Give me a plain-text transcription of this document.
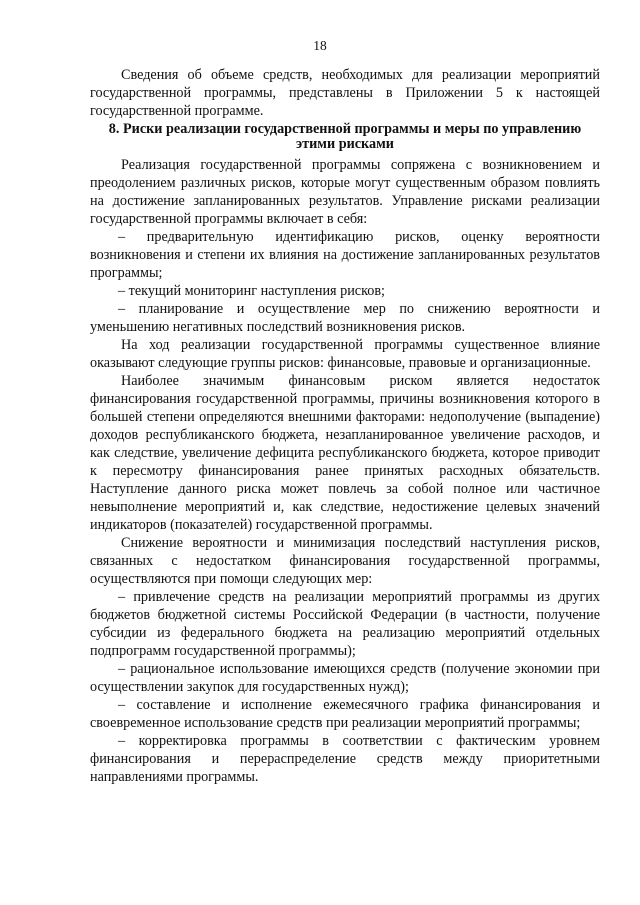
18

Сведения об объеме средств, необходимых для реализации мероприятий государственной программы, представлены в Приложении 5 к настоящей государственной программе.

8. Риски реализации государственной программы и меры по управлению этими рисками

Реализация государственной программы сопряжена с возникновением и преодолением различных рисков, которые могут существенным образом повлиять на достижение запланированных результатов. Управление рисками реализации государственной программы включает в себя:

– предварительную идентификацию рисков, оценку вероятности возникновения и степени их влияния на достижение запланированных результатов программы;

– текущий мониторинг наступления рисков;

– планирование и осуществление мер по снижению вероятности и уменьшению негативных последствий возникновения рисков.

На ход реализации государственной программы существенное влияние оказывают следующие группы рисков: финансовые, правовые и организационные.

Наиболее значимым финансовым риском является недостаток финансирования государственной программы, причины возникновения которого в большей степени определяются внешними факторами: недополучение (выпадение) доходов республиканского бюджета, незапланированное увеличение расходов, и как следствие, увеличение дефицита республиканского бюджета, которое приводит к пересмотру финансирования ранее принятых расходных обязательств. Наступление данного риска может повлечь за собой полное или частичное невыполнение мероприятий и, как следствие, недостижение целевых значений индикаторов (показателей) государственной программы.

Снижение вероятности и минимизация последствий наступления рисков, связанных с недостатком финансирования государственной программы, осуществляются при помощи следующих мер:

– привлечение средств на реализации мероприятий программы из других бюджетов бюджетной системы Российской Федерации (в частности, получение субсидии из федерального бюджета на реализацию мероприятий отдельных подпрограмм государственной программы);

– рациональное использование имеющихся средств (получение экономии при осуществлении закупок для государственных нужд);

– составление и исполнение ежемесячного графика финансирования и своевременное использование средств при реализации мероприятий программы;

– корректировка программы в соответствии с фактическим уровнем финансирования и перераспределение средств между приоритетными направлениями программы.
